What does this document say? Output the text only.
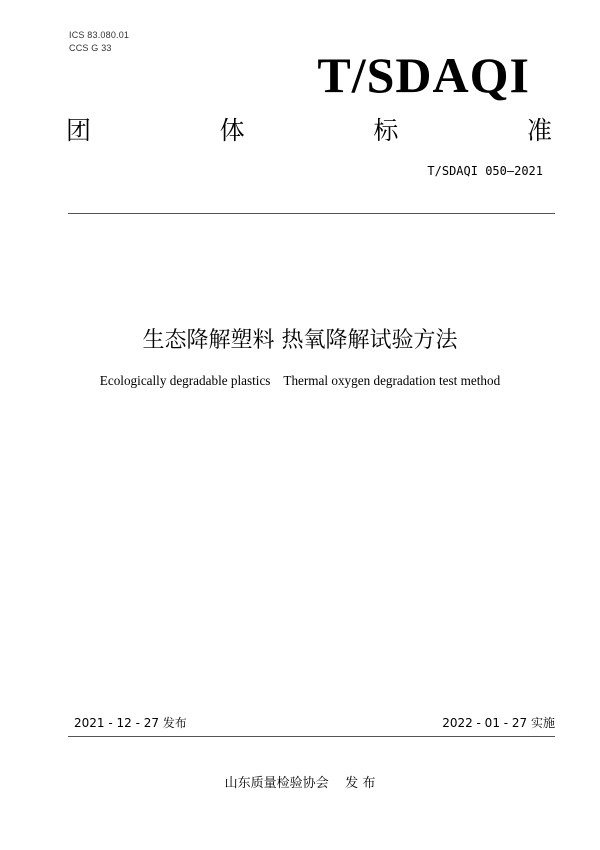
ICS 83.080.01
CCS G 33	T/SDAQI
团	体	标	准
T/SDAQI 050—2021
生态降解塑料 热氧降解试验方法
Ecologically degradable plastics    Thermal oxygen degradation test method
2021 - 12 - 27 发布	2022 - 01 - 27 实施
山东质量检验协会    发 布
